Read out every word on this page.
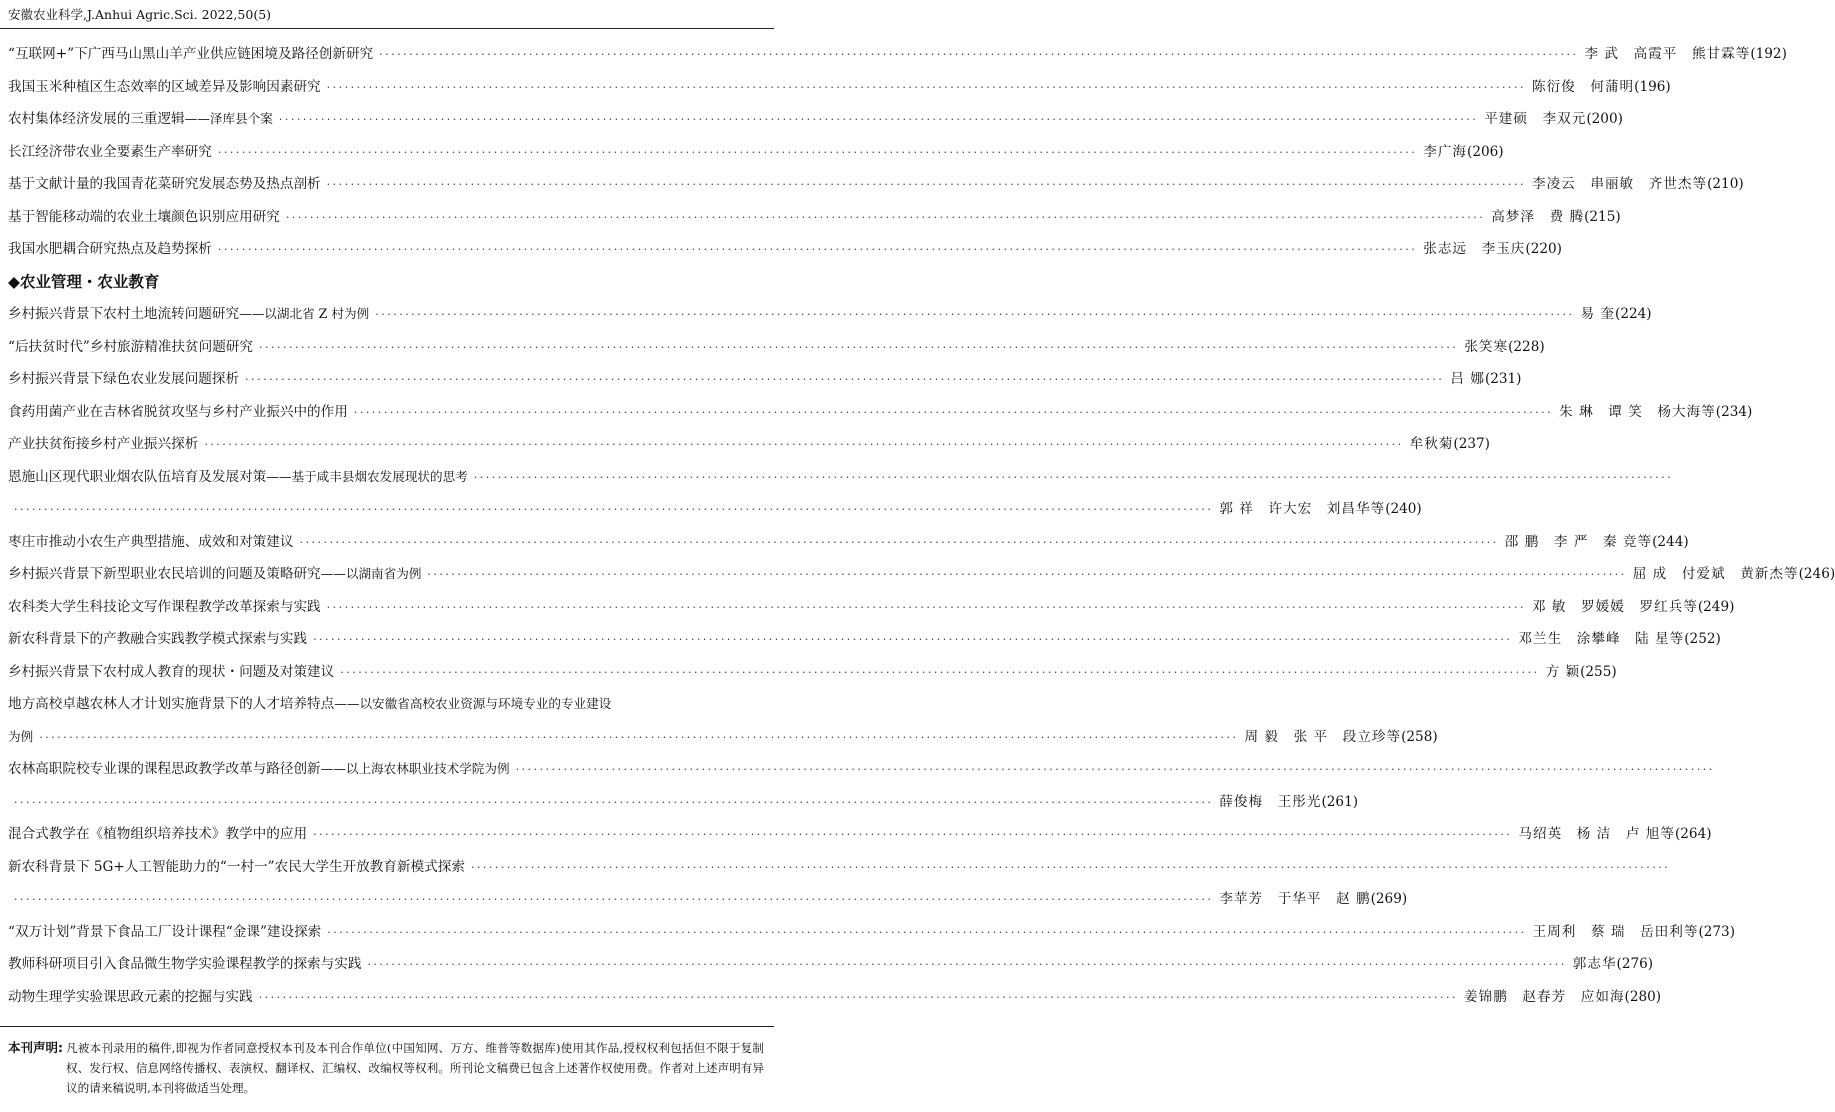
安徽农业科学,J.Anhui Agric.Sci. 2022,50(5)
“互联网+”下广西马山黑山羊产业供应链困境及路径创新研究 ········································································································································································································ 李 武　高霞平　熊甘霖等 (192)
我国玉米种植区生态效率的区域差异及影响因素研究 ········································································································································································································ 陈衍俊　何蒲明 (196)
农村集体经济发展的三重逻辑——泽库县个案 ········································································································································································································ 平建硕　李双元 (200)
长江经济带农业全要素生产率研究 ········································································································································································································ 李广海 (206)
基于文献计量的我国青花菜研究发展态势及热点剖析 ········································································································································································································ 李凌云　串丽敏　齐世杰等 (210)
基于智能移动端的农业土壤颜色识别应用研究 ········································································································································································································ 高梦泽　费 腾 (215)
我国水肥耦合研究热点及趋势探析 ········································································································································································································ 张志远　李玉庆 (220)
◆农业管理・农业教育
乡村振兴背景下农村土地流转问题研究——以湖北省 Z 村为例 ········································································································································································································ 易 奎 (224)
“后扶贫时代”乡村旅游精准扶贫问题研究 ········································································································································································································ 张笑寒 (228)
乡村振兴背景下绿色农业发展问题探析 ········································································································································································································ 吕 娜 (231)
食药用菌产业在吉林省脱贫攻坚与乡村产业振兴中的作用 ········································································································································································································ 朱 琳　谭 笑　杨大海等 (234)
产业扶贫衔接乡村产业振兴探析 ········································································································································································································ 牟秋菊 (237)
恩施山区现代职业烟农队伍培育及发展对策——基于咸丰县烟农发展现状的思考 ········································································································································································································
········································································································································································································ 郭 祥　许大宏　刘昌华等 (240)
枣庄市推动小农生产典型措施、成效和对策建议 ········································································································································································································ 邵 鹏　李 严　秦 竞等 (244)
乡村振兴背景下新型职业农民培训的问题及策略研究——以湖南省为例 ········································································································································································································ 屈 成　付爱斌　黄新杰等 (246)
农科类大学生科技论文写作课程教学改革探索与实践 ········································································································································································································ 邓 敏　罗媛媛　罗红兵等 (249)
新农科背景下的产教融合实践教学模式探索与实践 ········································································································································································································ 邓兰生　涂攀峰　陆 星等 (252)
乡村振兴背景下农村成人教育的现状・问题及对策建议 ········································································································································································································ 方 颖 (255)
地方高校卓越农林人才计划实施背景下的人才培养特点——以安徽省高校农业资源与环境专业的专业建设
为例 ········································································································································································································ 周 毅　张 平　段立珍等 (258)
农林高职院校专业课的课程思政教学改革与路径创新——以上海农林职业技术学院为例 ········································································································································································································
········································································································································································································ 薛俊梅　王彤光 (261)
混合式教学在《植物组织培养技术》教学中的应用 ········································································································································································································ 马绍英　杨 洁　卢 旭等 (264)
新农科背景下 5G+人工智能助力的“一村一”农民大学生开放教育新模式探索 ········································································································································································································
········································································································································································································ 李苹芳　于华平　赵 鹏 (269)
“双万计划”背景下食品工厂设计课程“金课”建设探索 ········································································································································································································ 王周利　蔡 瑞　岳田利等 (273)
教师科研项目引入食品微生物学实验课程教学的探索与实践 ········································································································································································································ 郭志华 (276)
动物生理学实验课思政元素的挖掘与实践 ········································································································································································································ 姜锦鹏　赵春芳　应如海 (280)
本刊声明: 凡被本刊录用的稿件,即视为作者同意授权本刊及本刊合作单位(中国知网、万方、维普等数据库)使用其作品,授权权利包括但不限于复制权、发行权、信息网络传播权、表演权、翻译权、汇编权、改编权等权利。所刊论文稿费已包含上述著作权使用费。作者对上述声明有异议的请来稿说明,本刊将做适当处理。
